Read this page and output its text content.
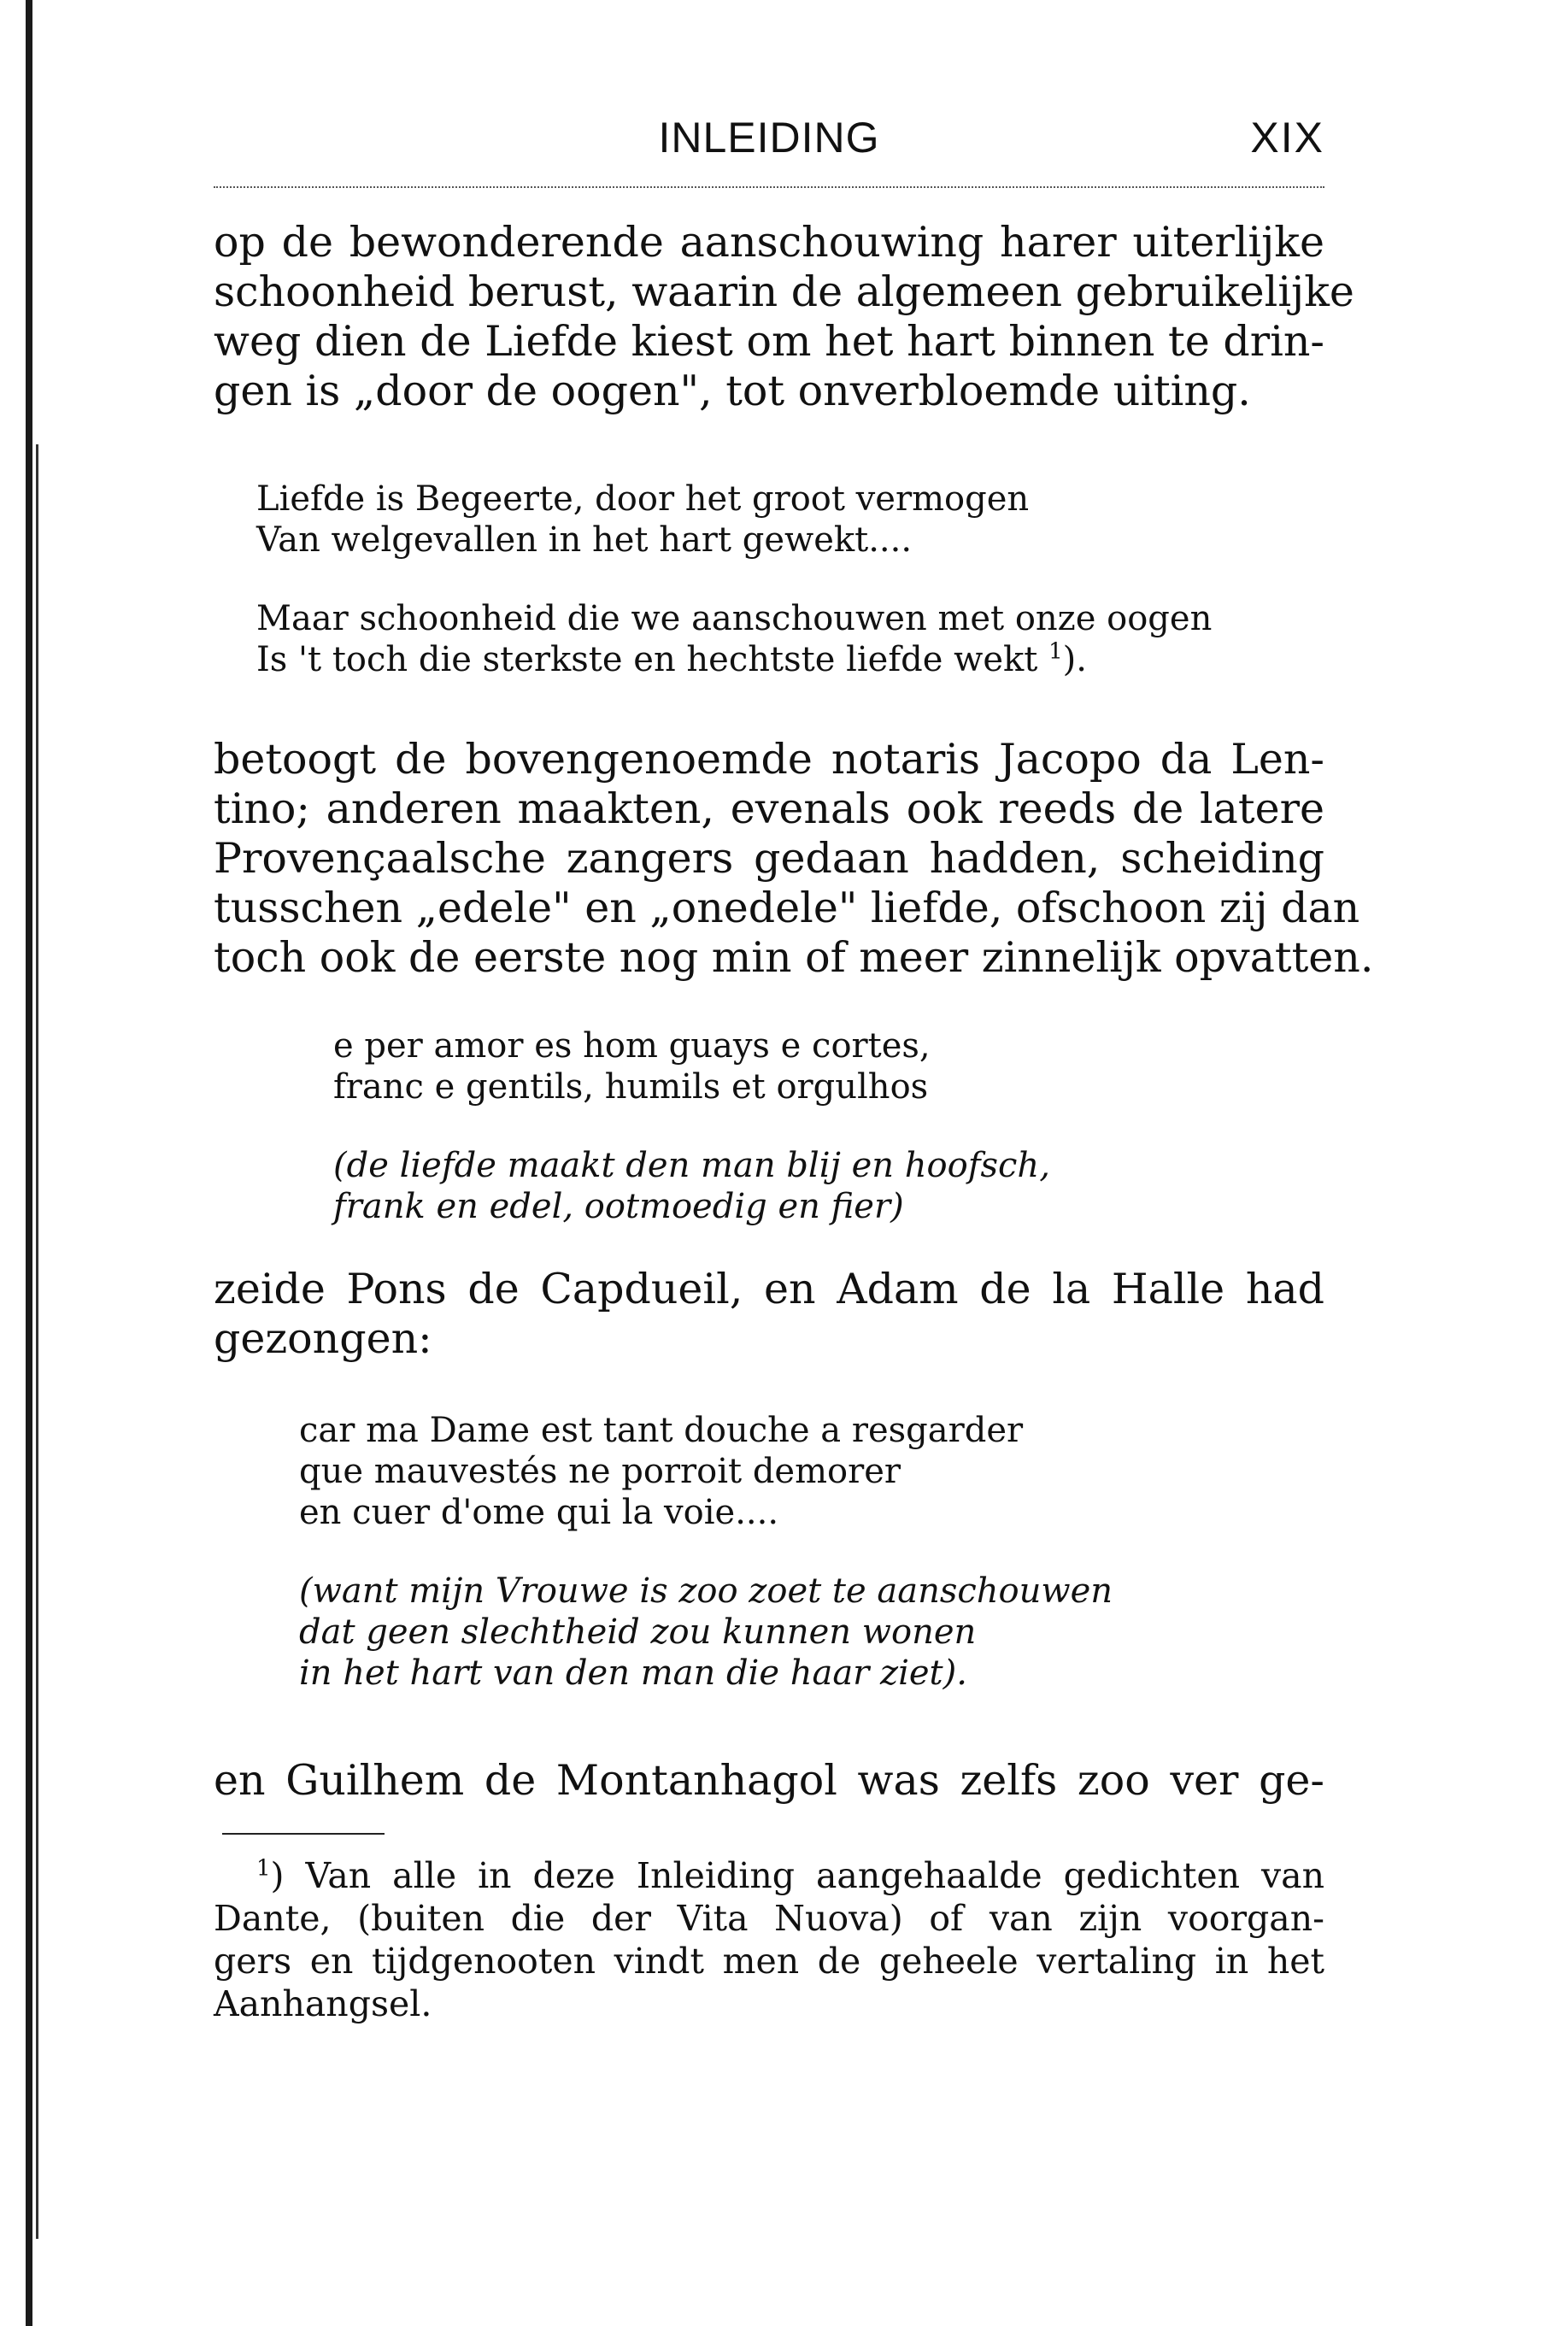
INLEIDING	XIX
op de bewonderende aanschouwing harer uiterlijke
schoonheid berust, waarin de algemeen gebruikelijke
weg dien de Liefde kiest om het hart binnen te drin-
gen is „door de oogen", tot onverbloemde uiting.
Liefde is Begeerte, door het groot vermogen
Van welgevallen in het hart gewekt....
Maar schoonheid die we aanschouwen met onze oogen
Is 't toch die sterkste en hechtste liefde wekt $^1$).
betoogt de bovengenoemde notaris Jacopo da Len-
tino; anderen maakten, evenals ook reeds de latere
Provençaalsche zangers gedaan hadden, scheiding
tusschen „edele" en „onedele" liefde, ofschoon zij dan
toch ook de eerste nog min of meer zinnelijk opvatten.
e per amor es hom guays e cortes,
franc e gentils, humils et orgulhos
(de liefde maakt den man blij en hoofsch,
frank en edel, ootmoedig en fier)
zeide Pons de Capdueil, en Adam de la Halle had
gezongen:
car ma Dame est tant douche a resgarder
que mauvestés ne porroit demorer
en cuer d'ome qui la voie....
(want mijn Vrouwe is zoo zoet te aanschouwen
dat geen slechtheid zou kunnen wonen
in het hart van den man die haar ziet).
en Guilhem de Montanhagol was zelfs zoo ver ge-
$^1$) Van alle in deze Inleiding aangehaalde gedichten van
Dante, (buiten die der Vita Nuova) of van zijn voorgan-
gers en tijdgenooten vindt men de geheele vertaling in het
Aanhangsel.
